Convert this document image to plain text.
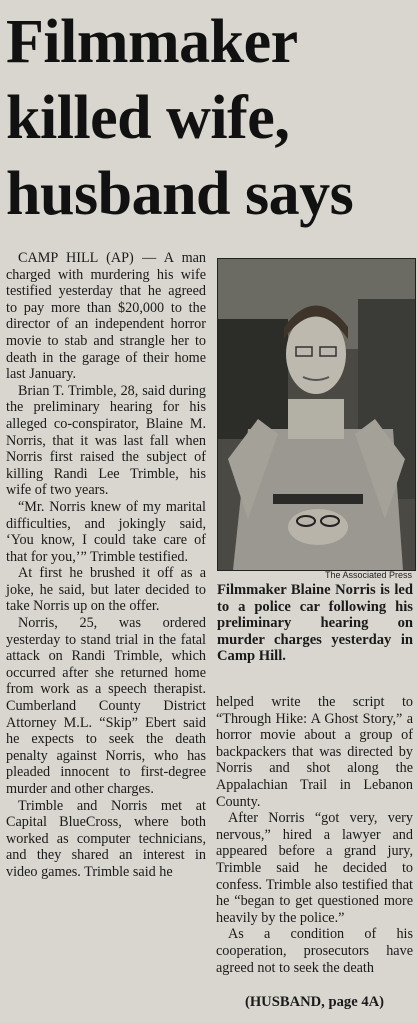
Filmmaker
killed wife,
husband says

CAMP HILL (AP) — A man charged with murdering his wife testified yesterday that he agreed to pay more than $20,000 to the director of an independent horror movie to stab and strangle her to death in the garage of their home last January.

Brian T. Trimble, 28, said during the preliminary hearing for his alleged co-conspirator, Blaine M. Norris, that it was last fall when Norris first raised the subject of killing Randi Lee Trimble, his wife of two years.

“Mr. Norris knew of my marital difficulties, and jokingly said, ‘You know, I could take care of that for you,’” Trimble testified.

At first he brushed it off as a joke, he said, but later decided to take Norris up on the offer.

Norris, 25, was ordered yesterday to stand trial in the fatal attack on Randi Trimble, which occurred after she returned home from work as a speech therapist. Cumberland County District Attorney M.L. “Skip” Ebert said he expects to seek the death penalty against Norris, who has pleaded innocent to first-degree murder and other charges.

Trimble and Norris met at Capital BlueCross, where both worked as computer technicians, and they shared an interest in video games. Trimble said he

The Associated Press
Filmmaker Blaine Norris is led to a police car following his preliminary hearing on murder charges yesterday in Camp Hill.

helped write the script to “Through Hike: A Ghost Story,” a horror movie about a group of backpackers that was directed by Norris and shot along the Appalachian Trail in Lebanon County.

After Norris “got very, very nervous,” hired a lawyer and appeared before a grand jury, Trimble said he decided to confess. Trimble also testified that he “began to get questioned more heavily by the police.”

As a condition of his cooperation, prosecutors have agreed not to seek the death

(HUSBAND, page 4A)
